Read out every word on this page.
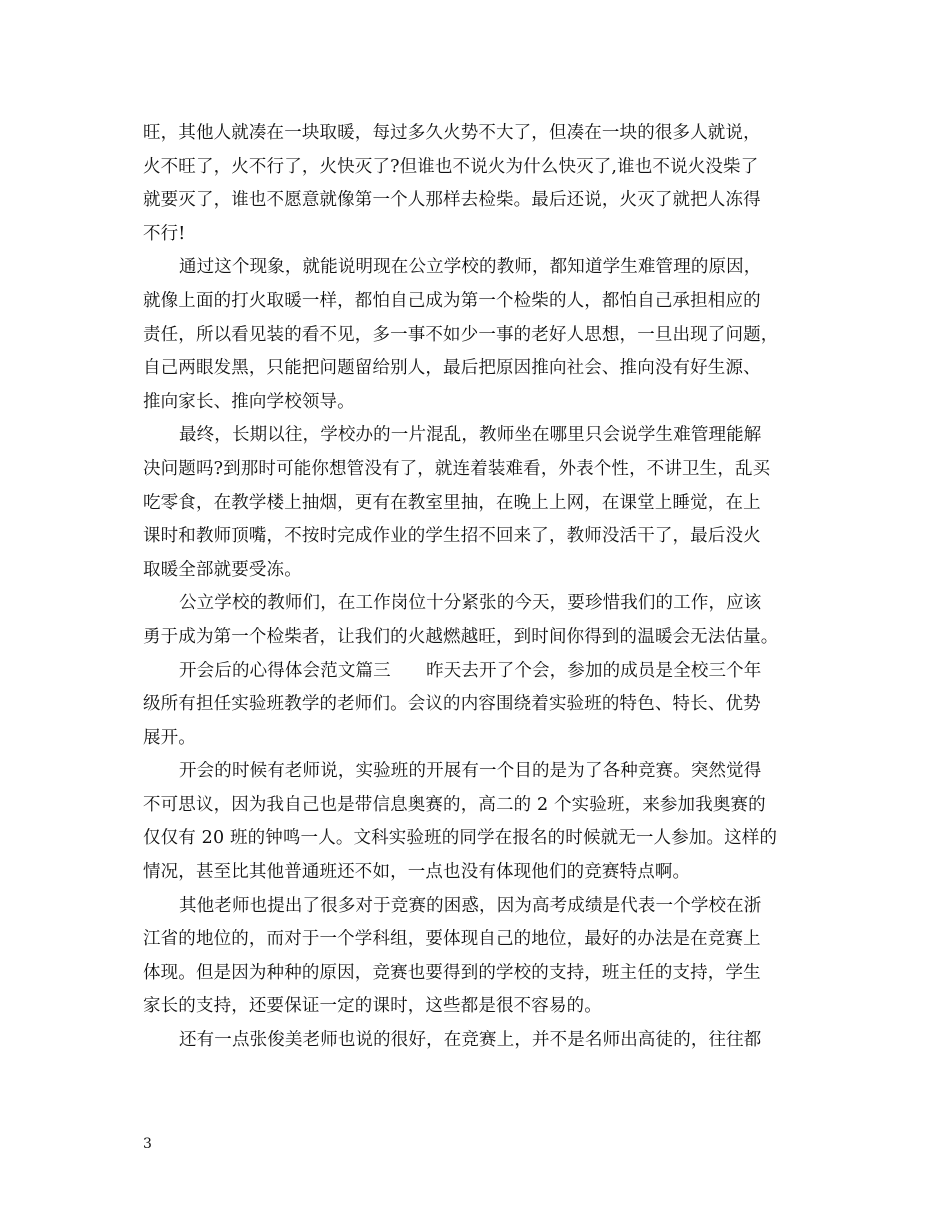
旺，其他人就凑在一块取暖，每过多久火势不大了，但凑在一块的很多人就说，
火不旺了，火不行了，火快灭了?但谁也不说火为什么快灭了,谁也不说火没柴了
就要灭了，谁也不愿意就像第一个人那样去检柴。最后还说，火灭了就把人冻得
不行!
通过这个现象，就能说明现在公立学校的教师，都知道学生难管理的原因，
就像上面的打火取暖一样，都怕自己成为第一个检柴的人，都怕自己承担相应的
责任，所以看见装的看不见，多一事不如少一事的老好人思想，一旦出现了问题，
自己两眼发黑，只能把问题留给别人，最后把原因推向社会、推向没有好生源、
推向家长、推向学校领导。
最终，长期以往，学校办的一片混乱，教师坐在哪里只会说学生难管理能解
决问题吗?到那时可能你想管没有了，就连着装难看，外表个性，不讲卫生，乱买
吃零食，在教学楼上抽烟，更有在教室里抽，在晚上上网，在课堂上睡觉，在上
课时和教师顶嘴，不按时完成作业的学生招不回来了，教师没活干了，最后没火
取暖全部就要受冻。
公立学校的教师们，在工作岗位十分紧张的今天，要珍惜我们的工作，应该
勇于成为第一个检柴者，让我们的火越燃越旺，到时间你得到的温暖会无法估量。
开会后的心得体会范文篇三　　昨天去开了个会，参加的成员是全校三个年
级所有担任实验班教学的老师们。会议的内容围绕着实验班的特色、特长、优势
展开。
开会的时候有老师说，实验班的开展有一个目的是为了各种竞赛。突然觉得
不可思议，因为我自己也是带信息奥赛的，高二的 2 个实验班，来参加我奥赛的
仅仅有 20 班的钟鸣一人。文科实验班的同学在报名的时候就无一人参加。这样的
情况，甚至比其他普通班还不如，一点也没有体现他们的竞赛特点啊。
其他老师也提出了很多对于竞赛的困惑，因为高考成绩是代表一个学校在浙
江省的地位的，而对于一个学科组，要体现自己的地位，最好的办法是在竞赛上
体现。但是因为种种的原因，竞赛也要得到的学校的支持，班主任的支持，学生
家长的支持，还要保证一定的课时，这些都是很不容易的。
还有一点张俊美老师也说的很好，在竞赛上，并不是名师出高徒的，往往都
3
